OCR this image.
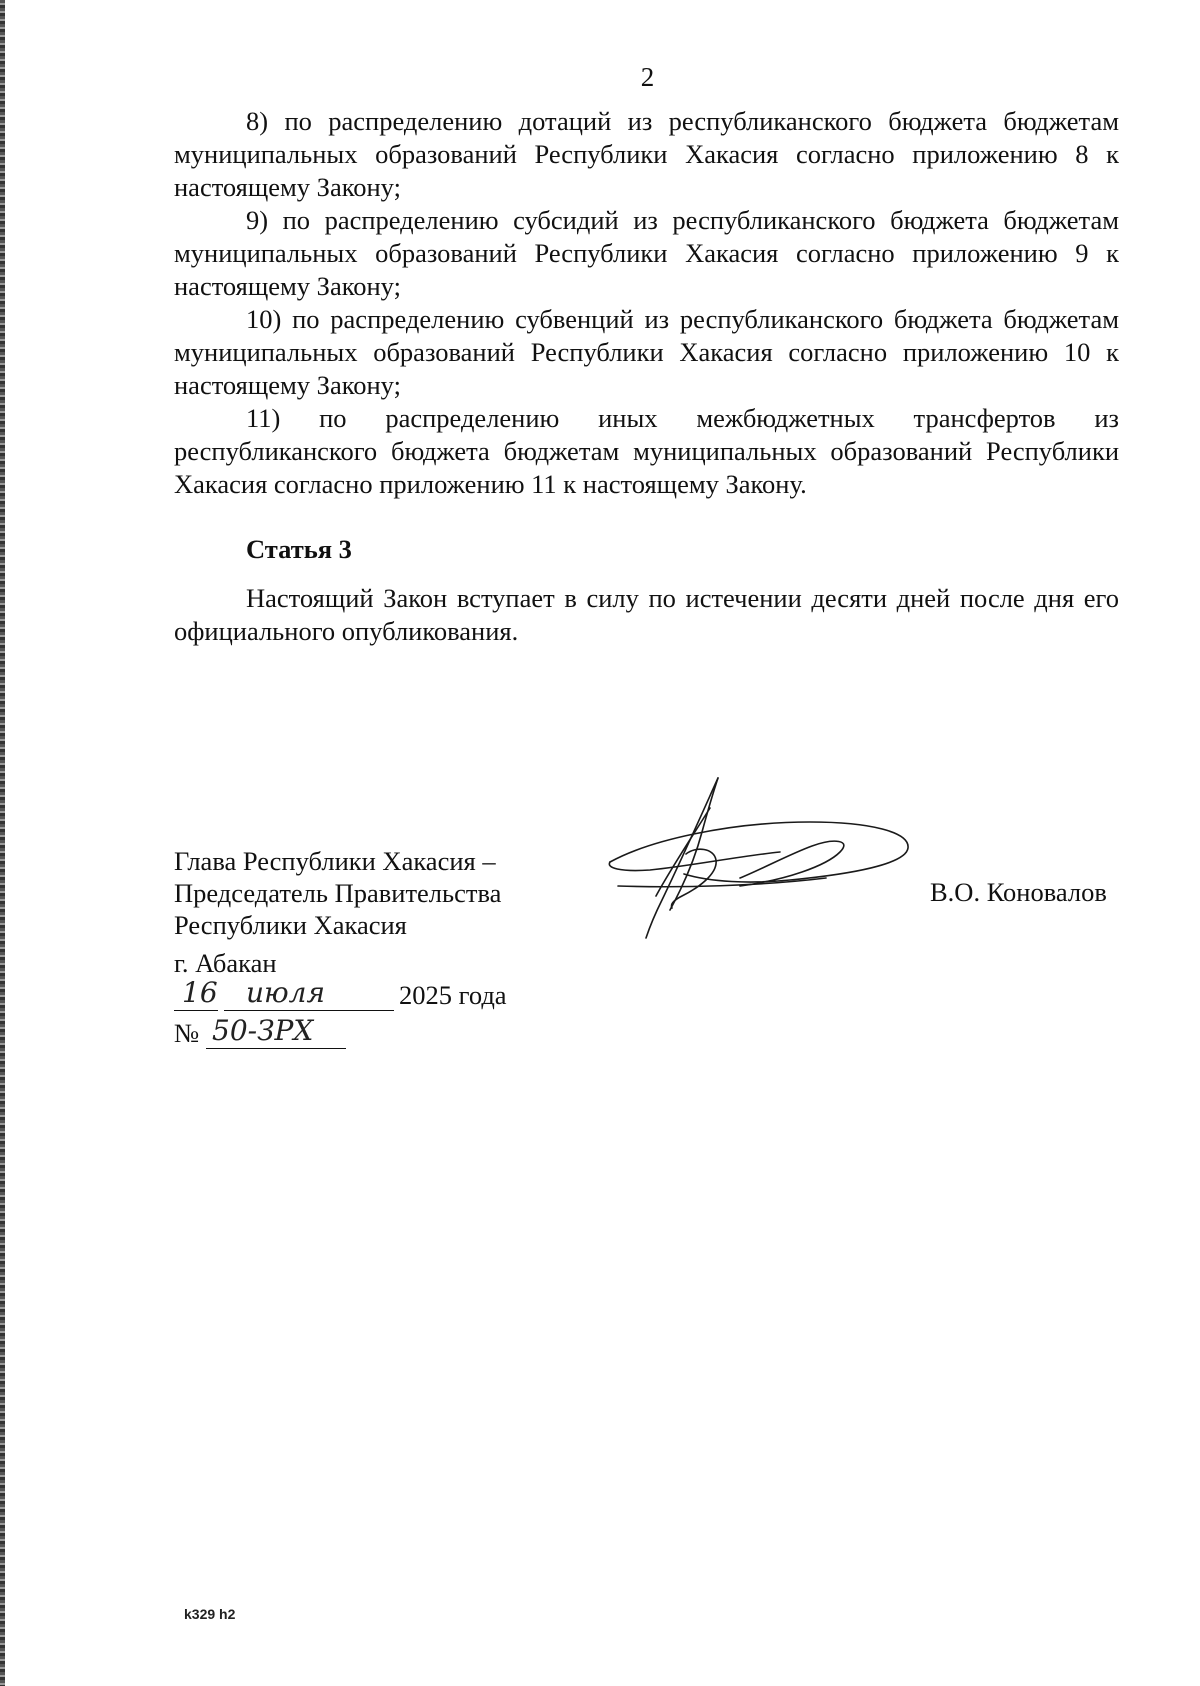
2

8) по распределению дотаций из республиканского бюджета бюджетам муниципальных образований Республики Хакасия согласно приложению 8 к настоящему Закону;

9) по распределению субсидий из республиканского бюджета бюджетам муниципальных образований Республики Хакасия согласно приложению 9 к настоящему Закону;

10) по распределению субвенций из республиканского бюджета бюджетам муниципальных образований Республики Хакасия согласно приложению 10 к настоящему Закону;

11) по распределению иных межбюджетных трансфертов из республиканского бюджета бюджетам муниципальных образований Республики Хакасия согласно приложению 11 к настоящему Закону.

Статья 3

Настоящий Закон вступает в силу по истечении десяти дней после дня его официального опубликования.

Глава Республики Хакасия –
Председатель Правительства
Республики Хакасия
В.О. Коновалов
г. Абакан
16 июля	2025 года
№ 50-ЗРХ
k329 h2
